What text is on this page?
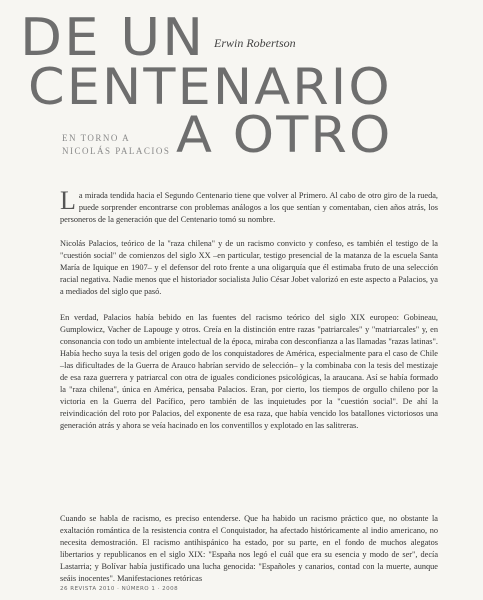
DE UN Erwin Robertson
CENTENARIO
A OTRO
EN TORNO A
NICOLÁS PALACIOS
La mirada tendida hacia el Segundo Centenario tiene que volver al Primero. Al cabo de otro giro de la rueda, puede sorprender encontrarse con problemas análogos a los que sentían y comentaban, cien años atrás, los personeros de la generación que del Centenario tomó su nombre.
Nicolás Palacios, teórico de la "raza chilena" y de un racismo convicto y confeso, es también el testigo de la "cuestión social" de comienzos del siglo XX –en particular, testigo presencial de la matanza de la escuela Santa María de Iquique en 1907– y el defensor del roto frente a una oligarquía que él estimaba fruto de una selección racial negativa. Nadie menos que el historiador socialista Julio César Jobet valorizó en este aspecto a Palacios, ya a mediados del siglo que pasó.
En verdad, Palacios había bebido en las fuentes del racismo teórico del siglo XIX europeo: Gobineau, Gumplowicz, Vacher de Lapouge y otros. Creía en la distinción entre razas "patriarcales" y "matriarcales" y, en consonancia con todo un ambiente intelectual de la época, miraba con desconfianza a las llamadas "razas latinas". Había hecho suya la tesis del origen godo de los conquistadores de América, especialmente para el caso de Chile –las dificultades de la Guerra de Arauco habrían servido de selección– y la combinaba con la tesis del mestizaje de esa raza guerrera y patriarcal con otra de iguales condiciones psicológicas, la araucana. Así se había formado la "raza chilena", única en América, pensaba Palacios. Eran, por cierto, los tiempos de orgullo chileno por la victoria en la Guerra del Pacífico, pero también de las inquietudes por la "cuestión social". De ahí la reivindicación del roto por Palacios, del exponente de esa raza, que había vencido los batallones victoriosos una generación atrás y ahora se veía hacinado en los conventillos y explotado en las salitreras.
Cuando se habla de racismo, es preciso entenderse. Que ha habido un racismo práctico que, no obstante la exaltación romántica de la resistencia contra el Conquistador, ha afectado históricamente al indio americano, no necesita demostración. El racismo antihispánico ha estado, por su parte, en el fondo de muchos alegatos libertarios y republicanos en el siglo XIX: "España nos legó el cuál que era su esencia y modo de ser", decía Lastarria; y Bolívar había justificado una lucha genocida: "Españoles y canarios, contad con la muerte, aunque seáis inocentes". Manifestaciones retóricas
26 REVISTA 2010 · NÚMERO 1 · 2008
